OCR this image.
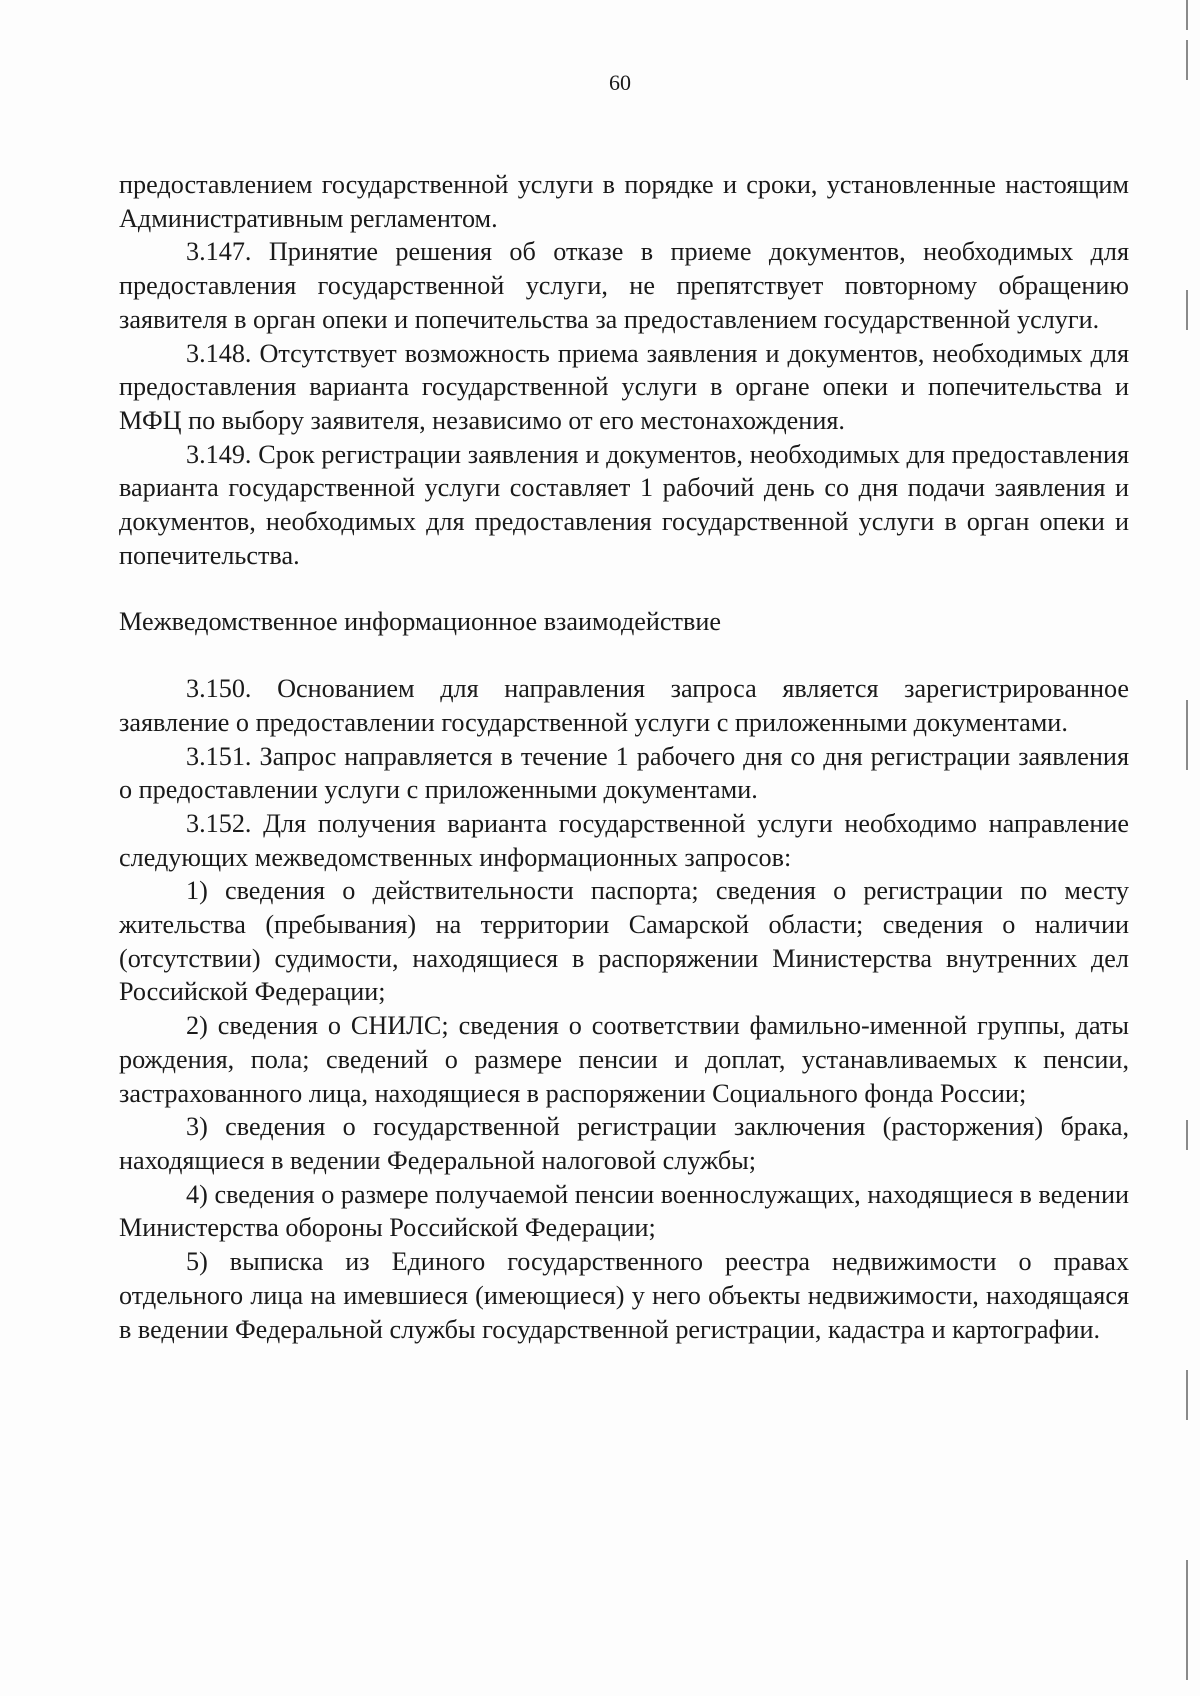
60

предоставлением государственной услуги в порядке и сроки, установленные настоящим Административным регламентом.

3.147. Принятие решения об отказе в приеме документов, необходимых для предоставления государственной услуги, не препятствует повторному обращению заявителя в орган опеки и попечительства за предоставлением государственной услуги.

3.148. Отсутствует возможность приема заявления и документов, необходимых для предоставления варианта государственной услуги в органе опеки и попечительства и МФЦ по выбору заявителя, независимо от его местонахождения.

3.149. Срок регистрации заявления и документов, необходимых для предоставления варианта государственной услуги составляет 1 рабочий день со дня подачи заявления и документов, необходимых для предоставления государственной услуги в орган опеки и попечительства.

Межведомственное информационное взаимодействие

3.150. Основанием для направления запроса является зарегистрированное заявление о предоставлении государственной услуги с приложенными документами.

3.151. Запрос направляется в течение 1 рабочего дня со дня регистрации заявления о предоставлении услуги с приложенными документами.

3.152. Для получения варианта государственной услуги необходимо направление следующих межведомственных информационных запросов:

1) сведения о действительности паспорта; сведения о регистрации по месту жительства (пребывания) на территории Самарской области; сведения о наличии (отсутствии) судимости, находящиеся в распоряжении Министерства внутренних дел Российской Федерации;

2) сведения о СНИЛС; сведения о соответствии фамильно-именной группы, даты рождения, пола; сведений о размере пенсии и доплат, устанавливаемых к пенсии, застрахованного лица, находящиеся в распоряжении Социального фонда России;

3) сведения о государственной регистрации заключения (расторжения) брака, находящиеся в ведении Федеральной налоговой службы;

4) сведения о размере получаемой пенсии военнослужащих, находящиеся в ведении Министерства обороны Российской Федерации;

5) выписка из Единого государственного реестра недвижимости о правах отдельного лица на имевшиеся (имеющиеся) у него объекты недвижимости, находящаяся в ведении Федеральной службы государственной регистрации, кадастра и картографии.
